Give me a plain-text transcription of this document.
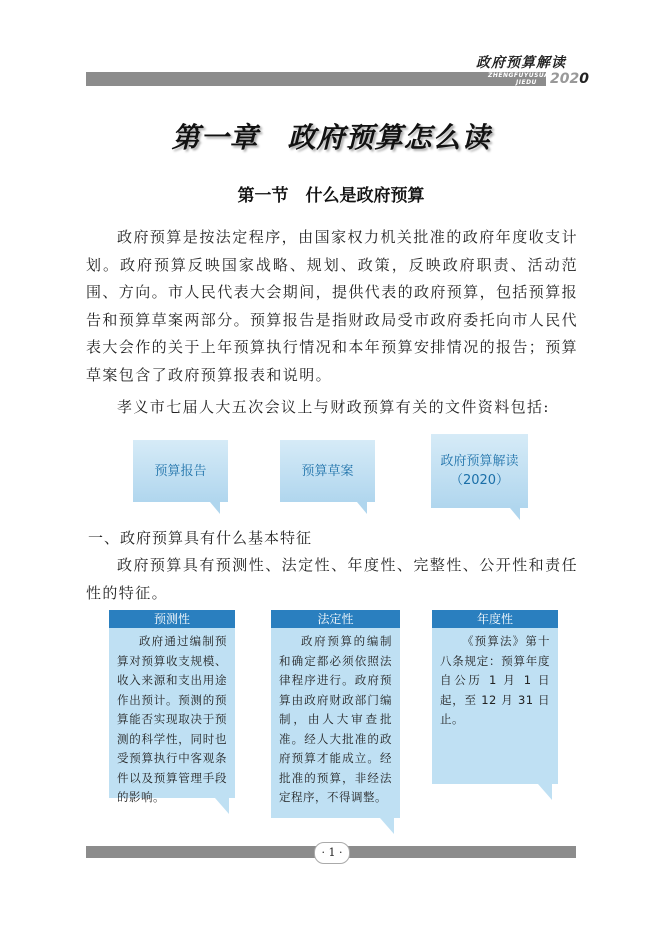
政府预算解读
ZHENGFUYUSUAN
JIEDU 2020
第一章　政府预算怎么读
第一节　什么是政府预算
政府预算是按法定程序，由国家权力机关批准的政府年度收支计划。政府预算反映国家战略、规划、政策，反映政府职责、活动范围、方向。市人民代表大会期间，提供代表的政府预算，包括预算报告和预算草案两部分。预算报告是指财政局受市政府委托向市人民代表大会作的关于上年预算执行情况和本年预算安排情况的报告；预算草案包含了政府预算报表和说明。
孝义市七届人大五次会议上与财政预算有关的文件资料包括:
预算报告	预算草案
政府预算解读
（2020）
一、政府预算具有什么基本特征
政府预算具有预测性、法定性、年度性、完整性、公开性和责任性的特征。
预测性
政府通过编制预算对预算收支规模、收入来源和支出用途作出预计。预测的预算能否实现取决于预测的科学性，同时也受预算执行中客观条件以及预算管理手段的影响。
法定性
政府预算的编制和确定都必须依照法律程序进行。政府预算由政府财政部门编制，由人大审查批准。经人大批准的政府预算才能成立。经批准的预算，非经法定程序，不得调整。
年度性
《预算法》第十八条规定：预算年度自公历 1 月 1 日起，至 12 月 31 日止。
· 1 ·
